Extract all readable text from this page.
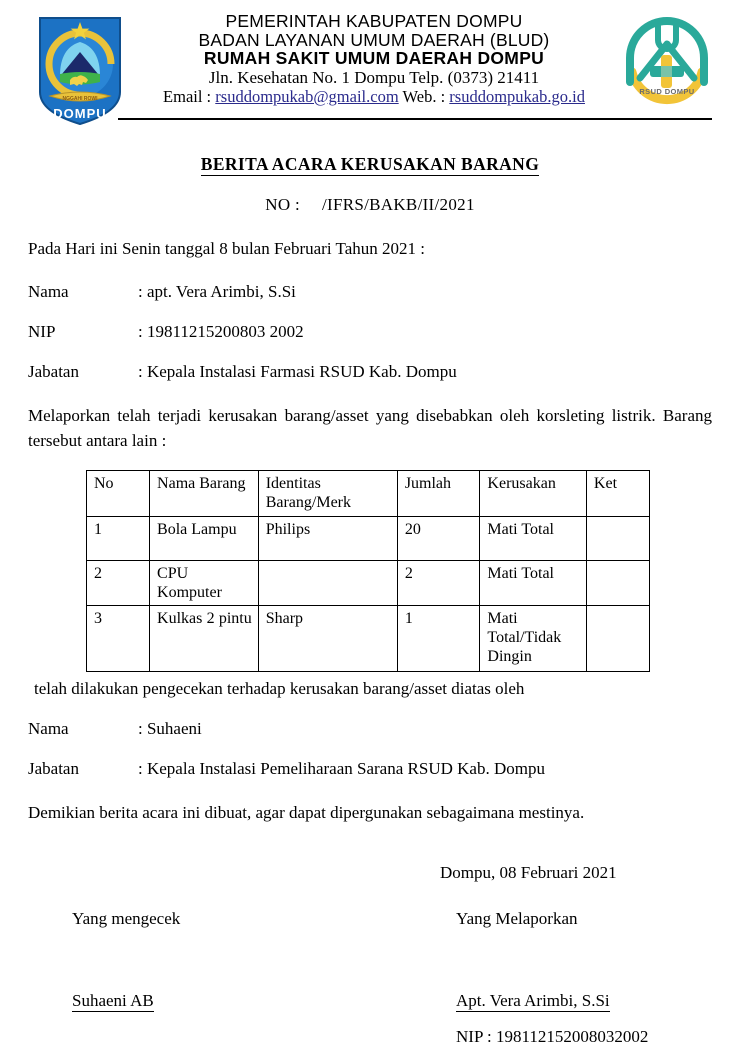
NGGAHI ROWI
DOMPU
PEMERINTAH KABUPATEN DOMPU
BADAN LAYANAN UMUM DAERAH (BLUD)
RUMAH SAKIT UMUM DAERAH DOMPU
Jln. Kesehatan No. 1 Dompu Telp. (0373) 21411
Email : rsuddompukab@gmail.com Web. : rsuddompukab.go.id	RSUD DOMPU
BERITA ACARA KERUSAKAN BARANG
NO : /IFRS/BAKB/II/2021
Pada Hari ini Senin tanggal 8 bulan Februari Tahun 2021 :
Nama	: apt. Vera Arimbi, S.Si
NIP	: 19811215200803 2002
Jabatan	: Kepala Instalasi Farmasi RSUD Kab. Dompu
Melaporkan telah terjadi kerusakan barang/asset yang disebabkan oleh korsleting listrik. Barang tersebut antara lain :
No	Nama Barang	Identitas Barang/Merk	Jumlah	Kerusakan	Ket
1	Bola Lampu	Philips	20	Mati Total	
2	CPU Komputer		2	Mati Total	
3	Kulkas 2 pintu	Sharp	1	Mati Total/Tidak Dingin	
telah dilakukan pengecekan terhadap kerusakan barang/asset diatas oleh
Nama	: Suhaeni
Jabatan	: Kepala Instalasi Pemeliharaan Sarana RSUD Kab. Dompu
Demikian berita acara ini dibuat, agar dapat dipergunakan sebagaimana mestinya.
Dompu, 08 Februari 2021
Yang mengecek
Suhaeni AB
Yang Melaporkan
Apt. Vera Arimbi, S.Si
NIP : 198112152008032002
